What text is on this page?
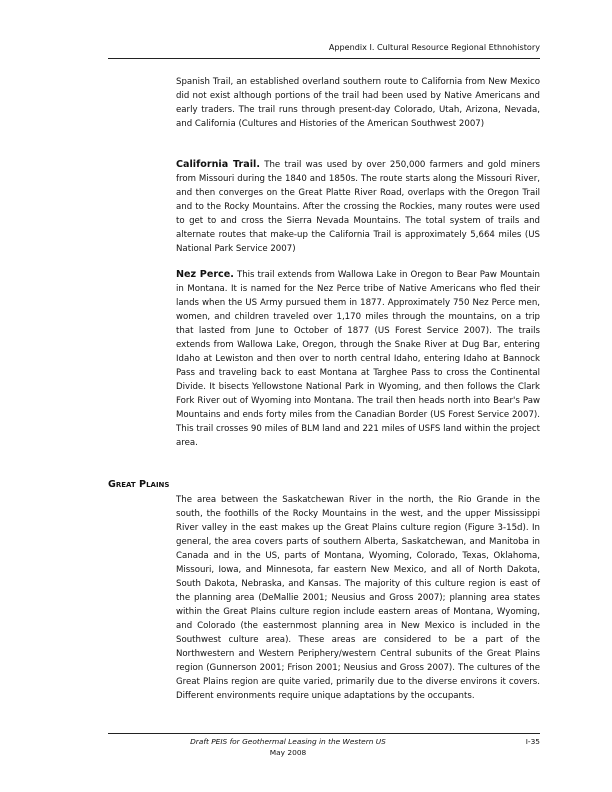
Appendix I. Cultural Resource Regional Ethnohistory

Spanish Trail, an established overland southern route to California from New Mexico did not exist although portions of the trail had been used by Native Americans and early traders. The trail runs through present-day Colorado, Utah, Arizona, Nevada, and California (Cultures and Histories of the American Southwest 2007)

California Trail. The trail was used by over 250,000 farmers and gold miners from Missouri during the 1840 and 1850s. The route starts along the Missouri River, and then converges on the Great Platte River Road, overlaps with the Oregon Trail and to the Rocky Mountains. After the crossing the Rockies, many routes were used to get to and cross the Sierra Nevada Mountains. The total system of trails and alternate routes that make-up the California Trail is approximately 5,664 miles (US National Park Service 2007)

Nez Perce. This trail extends from Wallowa Lake in Oregon to Bear Paw Mountain in Montana. It is named for the Nez Perce tribe of Native Americans who fled their lands when the US Army pursued them in 1877. Approximately 750 Nez Perce men, women, and children traveled over 1,170 miles through the mountains, on a trip that lasted from June to October of 1877 (US Forest Service 2007). The trails extends from Wallowa Lake, Oregon, through the Snake River at Dug Bar, entering Idaho at Lewiston and then over to north central Idaho, entering Idaho at Bannock Pass and traveling back to east Montana at Targhee Pass to cross the Continental Divide. It bisects Yellowstone National Park in Wyoming, and then follows the Clark Fork River out of Wyoming into Montana. The trail then heads north into Bear's Paw Mountains and ends forty miles from the Canadian Border (US Forest Service 2007). This trail crosses 90 miles of BLM land and 221 miles of USFS land within the project area.

Great Plains

The area between the Saskatchewan River in the north, the Rio Grande in the south, the foothills of the Rocky Mountains in the west, and the upper Mississippi River valley in the east makes up the Great Plains culture region (Figure 3-15d). In general, the area covers parts of southern Alberta, Saskatchewan, and Manitoba in Canada and in the US, parts of Montana, Wyoming, Colorado, Texas, Oklahoma, Missouri, Iowa, and Minnesota, far eastern New Mexico, and all of North Dakota, South Dakota, Nebraska, and Kansas. The majority of this culture region is east of the planning area (DeMallie 2001; Neusius and Gross 2007); planning area states within the Great Plains culture region include eastern areas of Montana, Wyoming, and Colorado (the easternmost planning area in New Mexico is included in the Southwest culture area). These areas are considered to be a part of the Northwestern and Western Periphery/western Central subunits of the Great Plains region (Gunnerson 2001; Frison 2001; Neusius and Gross 2007). The cultures of the Great Plains region are quite varied, primarily due to the diverse environs it covers. Different environments require unique adaptations by the occupants.

Draft PEIS for Geothermal Leasing in the Western US
May 2008
I-35
